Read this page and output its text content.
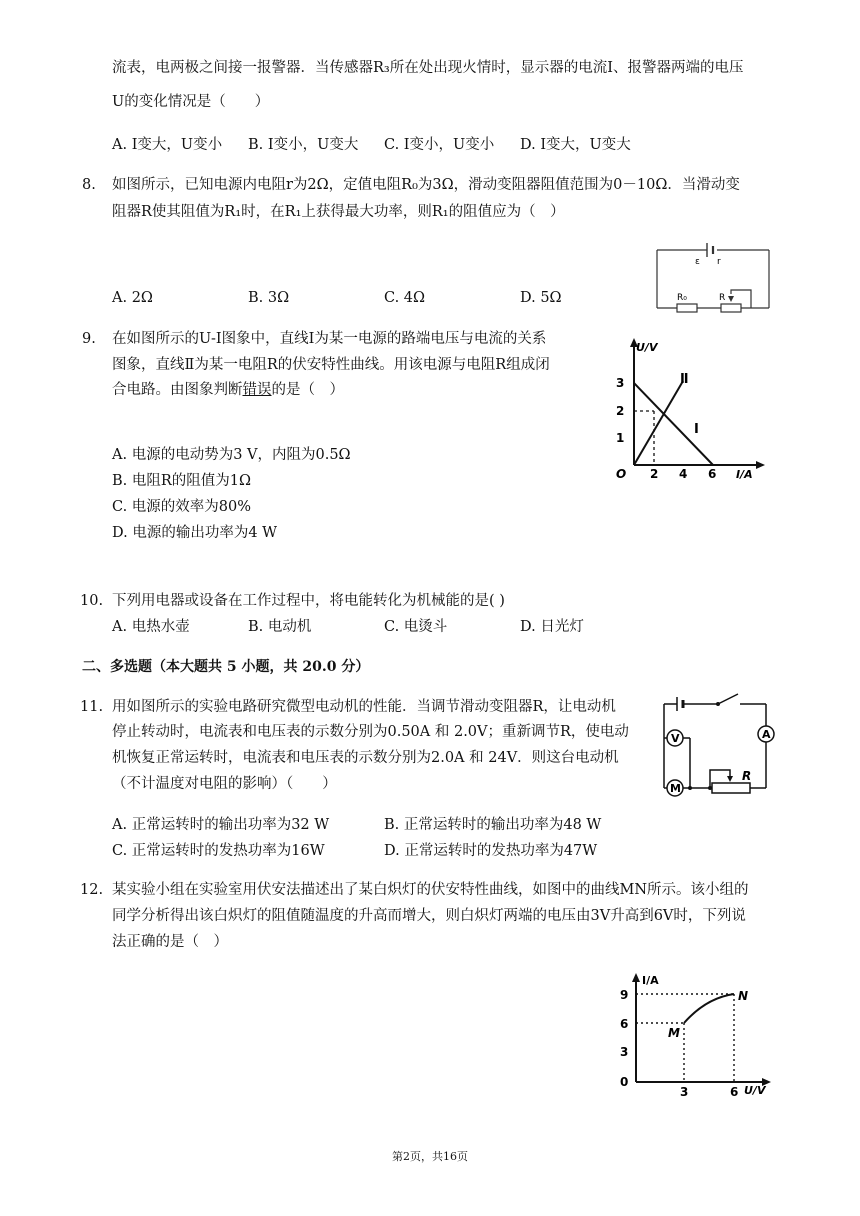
流表，电两极之间接一报警器．当传感器R₃所在处出现火情时，显示器的电流I、报警器两端的电压
U的变化情况是（　　）
A. I变大，U变小 B. I变小，U变大 C. I变小，U变小 D. I变大，U变大
8. 如图所示，已知电源内电阻r为2Ω，定值电阻R₀为3Ω，滑动变阻器阻值范围为0－10Ω．当滑动变
阻器R使其阻值为R₁时，在R₁上获得最大功率，则R₁的阻值应为（　）
A. 2Ω	B. 3Ω	C. 4Ω	D. 5Ω
ε r
R₀	R
9. 在如图所示的U-I图象中，直线Ⅰ为某一电源的路端电压与电流的关系
图象，直线Ⅱ为某一电阻R的伏安特性曲线。用该电源与电阻R组成闭
合电路。由图象判断错误的是（　）
A. 电源的电动势为3 V，内阻为0.5Ω
B. 电阻R的阻值为1Ω
C. 电源的效率为80%
D. 电源的输出功率为4 W
U/V
I/A
3
2
1
O 2 4 6
Ⅰ
Ⅱ
10. 下列用电器或设备在工作过程中，将电能转化为机械能的是( )
A. 电热水壶	B. 电动机	C. 电烫斗	D. 日光灯
二、多选题（本大题共 5 小题，共 20.0 分）
11. 用如图所示的实验电路研究微型电动机的性能．当调节滑动变阻器R，让电动机
停止转动时，电流表和电压表的示数分别为0.50A 和 2.0V；重新调节R，使电动
机恢复正常运转时，电流表和电压表的示数分别为2.0A 和 24V．则这台电动机
（不计温度对电阻的影响）（　　）
A. 正常运转时的输出功率为32 W	B. 正常运转时的输出功率为48 W
C. 正常运转时的发热功率为16W	D. 正常运转时的发热功率为47W
A
V
M
R
12. 某实验小组在实验室用伏安法描述出了某白炽灯的伏安特性曲线，如图中的曲线MN所示。该小组的
同学分析得出该白炽灯的阻值随温度的升高而增大，则白炽灯两端的电压由3V升高到6V时，下列说
法正确的是（　）
I/A
U/V
9
6
3
0
3	6
M
N
第2页，共16页
